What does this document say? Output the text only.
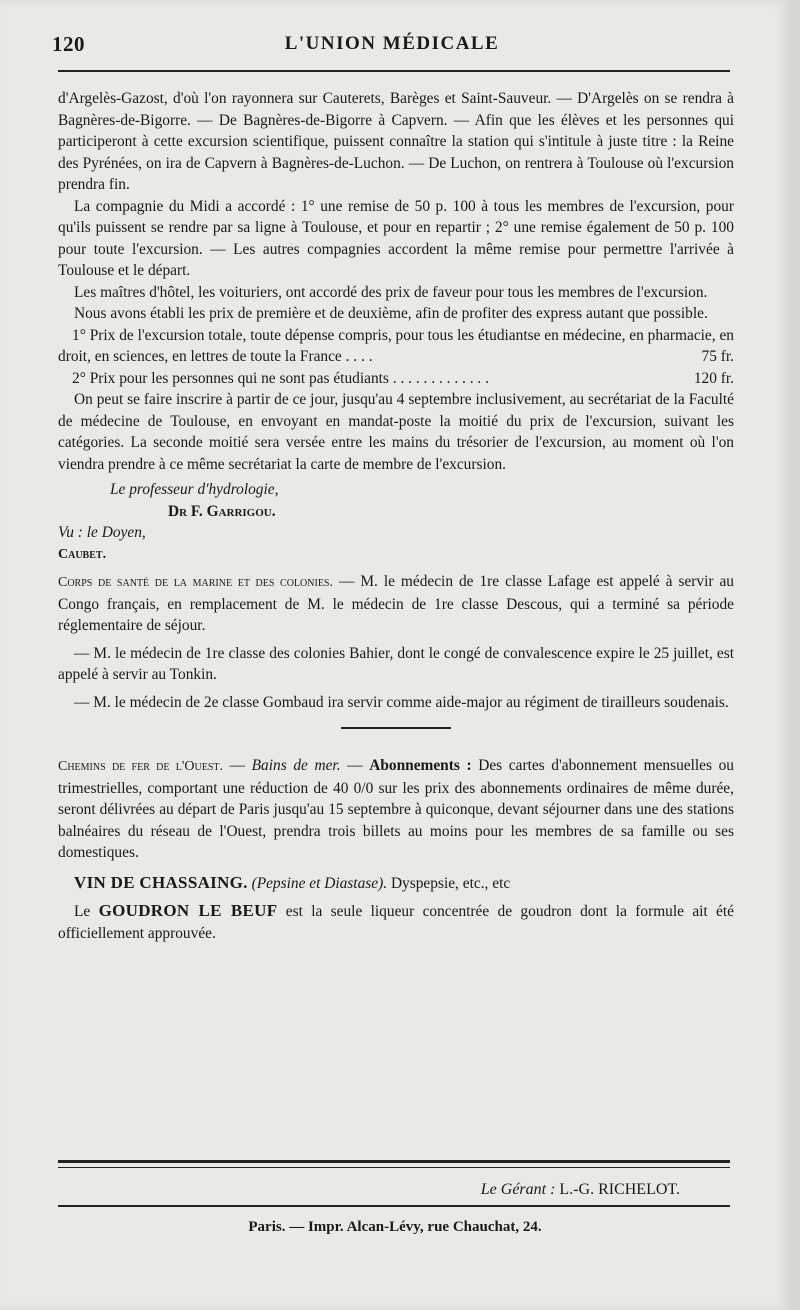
120	L'UNION MÉDICALE

d'Argelès-Gazost, d'où l'on rayonnera sur Cauterets, Barèges et Saint-Sauveur. — D'Argelès on se rendra à Bagnères-de-Bigorre. — De Bagnères-de-Bigorre à Capvern. — Afin que les élèves et les personnes qui participeront à cette excursion scientifique, puissent connaître la station qui s'intitule à juste titre : la Reine des Pyrénées, on ira de Capvern à Bagnères-de-Luchon. — De Luchon, on rentrera à Toulouse où l'excursion prendra fin.

La compagnie du Midi a accordé : 1° une remise de 50 p. 100 à tous les membres de l'excursion, pour qu'ils puissent se rendre par sa ligne à Toulouse, et pour en repartir ; 2° une remise également de 50 p. 100 pour toute l'excursion. — Les autres compagnies accordent la même remise pour permettre l'arrivée à Toulouse et le départ.

Les maîtres d'hôtel, les voituriers, ont accordé des prix de faveur pour tous les membres de l'excursion.

Nous avons établi les prix de première et de deuxième, afin de profiter des express autant que possible.

1° Prix de l'excursion totale, toute dépense compris, pour tous les étudiantse en médecine, en pharmacie, en droit, en sciences, en lettres de toute la France . . . .	75 fr.

2° Prix pour les personnes qui ne sont pas étudiants . . . . . . . . . . . . .	120 fr.

On peut se faire inscrire à partir de ce jour, jusqu'au 4 septembre inclusivement, au secrétariat de la Faculté de médecine de Toulouse, en envoyant en mandat-poste la moitié du prix de l'excursion, suivant les catégories. La seconde moitié sera versée entre les mains du trésorier de l'excursion, au moment où l'on viendra prendre à ce même secrétariat la carte de membre de l'excursion.

Le professeur d'hydrologie,

Dr F. Garrigou.

Vu : le Doyen,

Caubet.

Corps de santé de la marine et des colonies. — M. le médecin de 1re classe Lafage est appelé à servir au Congo français, en remplacement de M. le médecin de 1re classe Descous, qui a terminé sa période réglementaire de séjour.

— M. le médecin de 1re classe des colonies Bahier, dont le congé de convalescence expire le 25 juillet, est appelé à servir au Tonkin.

— M. le médecin de 2e classe Gombaud ira servir comme aide-major au régiment de tirailleurs soudenais.

Chemins de fer de l'Ouest. — Bains de mer. — Abonnements : Des cartes d'abonnement mensuelles ou trimestrielles, comportant une réduction de 40 0/0 sur les prix des abonnements ordinaires de même durée, seront délivrées au départ de Paris jusqu'au 15 septembre à quiconque, devant séjourner dans une des stations balnéaires du réseau de l'Ouest, prendra trois billets au moins pour les membres de sa famille ou ses domestiques.

VIN DE CHASSAING. (Pepsine et Diastase). Dyspepsie, etc., etc

Le GOUDRON LE BEUF est la seule liqueur concentrée de goudron dont la formule ait été officiellement approuvée.

Le Gérant : L.-G. RICHELOT.
Paris. — Impr. Alcan-Lévy, rue Chauchat, 24.
